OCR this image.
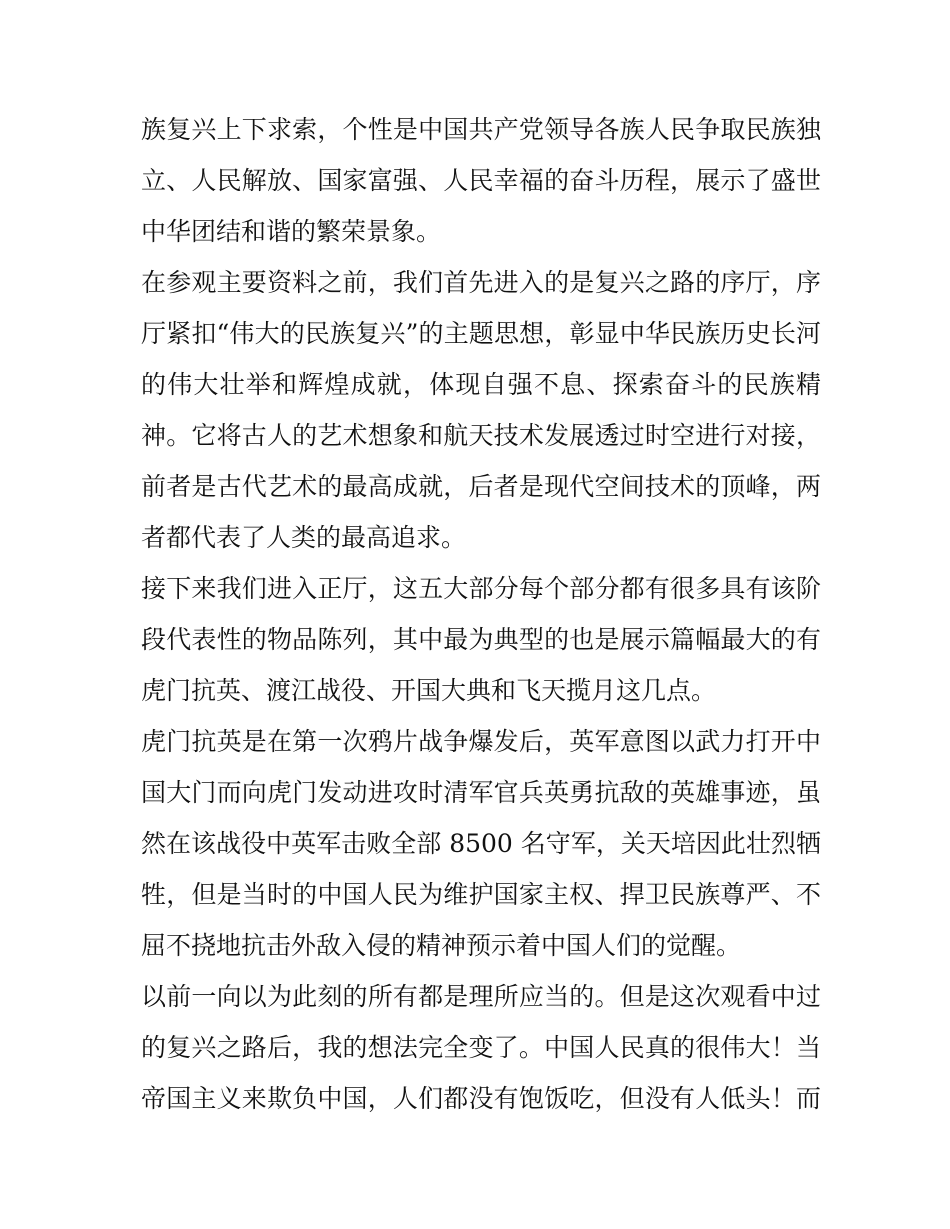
族复兴上下求索，个性是中国共产党领导各族人民争取民族独
立、人民解放、国家富强、人民幸福的奋斗历程，展示了盛世
中华团结和谐的繁荣景象。
在参观主要资料之前，我们首先进入的是复兴之路的序厅，序
厅紧扣“伟大的民族复兴”的主题思想，彰显中华民族历史长河
的伟大壮举和辉煌成就，体现自强不息、探索奋斗的民族精
神。它将古人的艺术想象和航天技术发展透过时空进行对接，
前者是古代艺术的最高成就，后者是现代空间技术的顶峰，两
者都代表了人类的最高追求。
接下来我们进入正厅，这五大部分每个部分都有很多具有该阶
段代表性的物品陈列，其中最为典型的也是展示篇幅最大的有
虎门抗英、渡江战役、开国大典和飞天揽月这几点。
虎门抗英是在第一次鸦片战争爆发后，英军意图以武力打开中
国大门而向虎门发动进攻时清军官兵英勇抗敌的英雄事迹，虽
然在该战役中英军击败全部 8500 名守军，关天培因此壮烈牺
牲，但是当时的中国人民为维护国家主权、捍卫民族尊严、不
屈不挠地抗击外敌入侵的精神预示着中国人们的觉醒。
以前一向以为此刻的所有都是理所应当的。但是这次观看中过
的复兴之路后，我的想法完全变了。中国人民真的很伟大！当
帝国主义来欺负中国，人们都没有饱饭吃，但没有人低头！而
